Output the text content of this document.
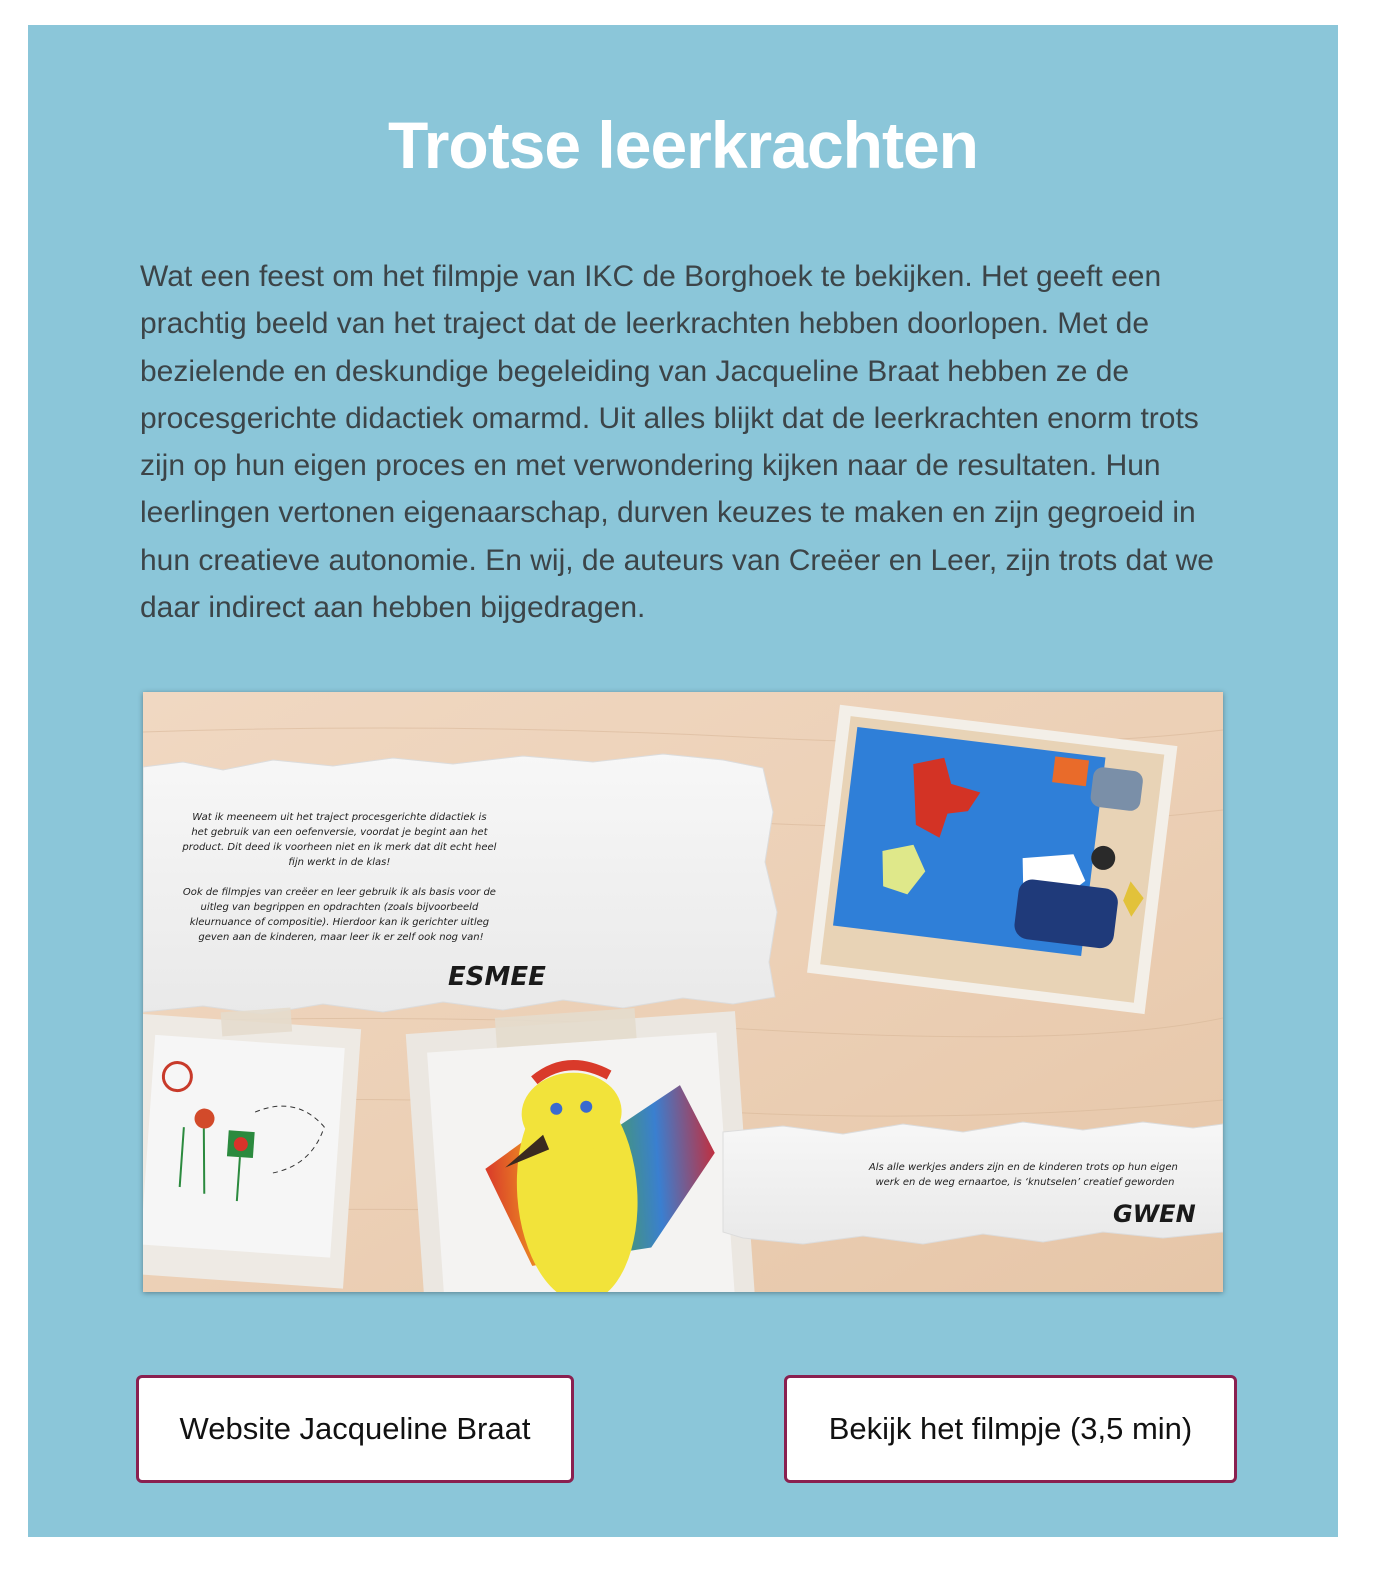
Trotse leerkrachten
Wat een feest om het filmpje van IKC de Borghoek te bekijken. Het geeft een prachtig beeld van het traject dat de leerkrachten hebben doorlopen. Met de bezielende en deskundige begeleiding van Jacqueline Braat hebben ze de procesgerichte didactiek omarmd. Uit alles blijkt dat de leerkrachten enorm trots zijn op hun eigen proces en met verwondering kijken naar de resultaten. Hun leerlingen vertonen eigenaarschap, durven keuzes te maken en zijn gegroeid in hun creatieve autonomie. En wij, de auteurs van Creëer en Leer, zijn trots dat we daar indirect aan hebben bijgedragen.
Wat ik meeneem uit het traject procesgerichte didactiek is het gebruik van een oefenversie, voordat je begint aan het product. Dit deed ik voorheen niet en ik merk dat dit echt heel fijn werkt in de klas! Ook de filmpjes van creëer en leer gebruik ik als basis voor de uitleg van begrippen en opdrachten (zoals bijvoorbeeld kleurnuance of compositie). Hierdoor kan ik gerichter uitleg geven aan de kinderen, maar leer ik er zelf ook nog van!
ESMEE
Als alle werkjes anders zijn en de kinderen trots op hun eigen werk en de weg ernaartoe, is ‘knutselen’ creatief geworden
GWEN
Website Jacqueline Braat	Bekijk het filmpje (3,5 min)
